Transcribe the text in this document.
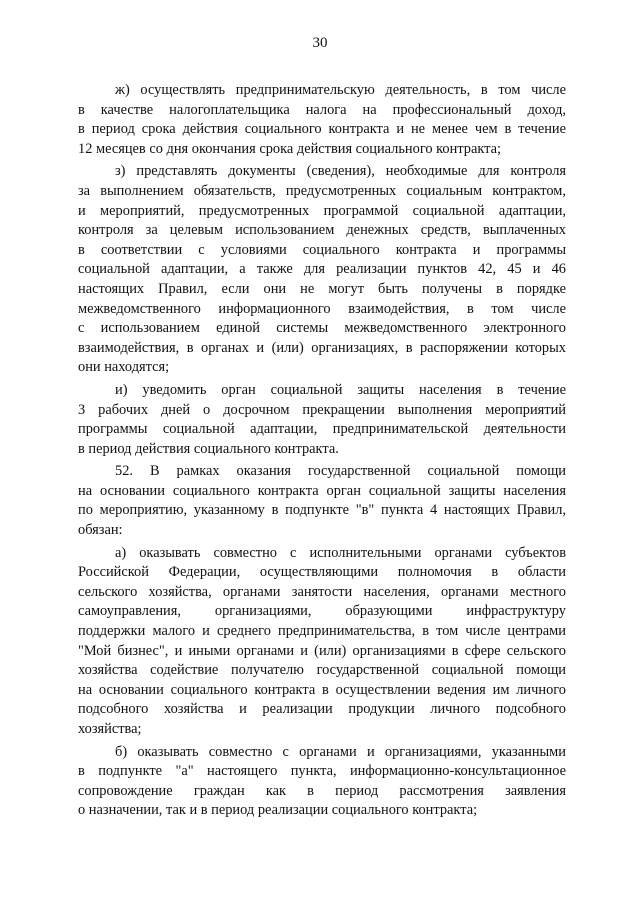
30
ж) осуществлять предпринимательскую деятельность, в том числе
в качестве налогоплательщика налога на профессиональный доход,
в период срока действия социального контракта и не менее чем в течение
12 месяцев со дня окончания срока действия социального контракта;
з) представлять документы (сведения), необходимые для контроля
за выполнением обязательств, предусмотренных социальным контрактом,
и мероприятий, предусмотренных программой социальной адаптации,
контроля за целевым использованием денежных средств, выплаченных
в соответствии с условиями социального контракта и программы
социальной адаптации, а также для реализации пунктов 42, 45 и 46
настоящих Правил, если они не могут быть получены в порядке
межведомственного информационного взаимодействия, в том числе
с использованием единой системы межведомственного электронного
взаимодействия, в органах и (или) организациях, в распоряжении которых
они находятся;
и) уведомить орган социальной защиты населения в течение
3 рабочих дней о досрочном прекращении выполнения мероприятий
программы социальной адаптации, предпринимательской деятельности
в период действия социального контракта.
52. В рамках оказания государственной социальной помощи
на основании социального контракта орган социальной защиты населения
по мероприятию, указанному в подпункте "в" пункта 4 настоящих Правил,
обязан:
а) оказывать совместно с исполнительными органами субъектов
Российской Федерации, осуществляющими полномочия в области
сельского хозяйства, органами занятости населения, органами местного
самоуправления, организациями, образующими инфраструктуру
поддержки малого и среднего предпринимательства, в том числе центрами
"Мой бизнес", и иными органами и (или) организациями в сфере сельского
хозяйства содействие получателю государственной социальной помощи
на основании социального контракта в осуществлении ведения им личного
подсобного хозяйства и реализации продукции личного подсобного
хозяйства;
б) оказывать совместно с органами и организациями, указанными
в подпункте "а" настоящего пункта, информационно-консультационное
сопровождение граждан как в период рассмотрения заявления
о назначении, так и в период реализации социального контракта;
